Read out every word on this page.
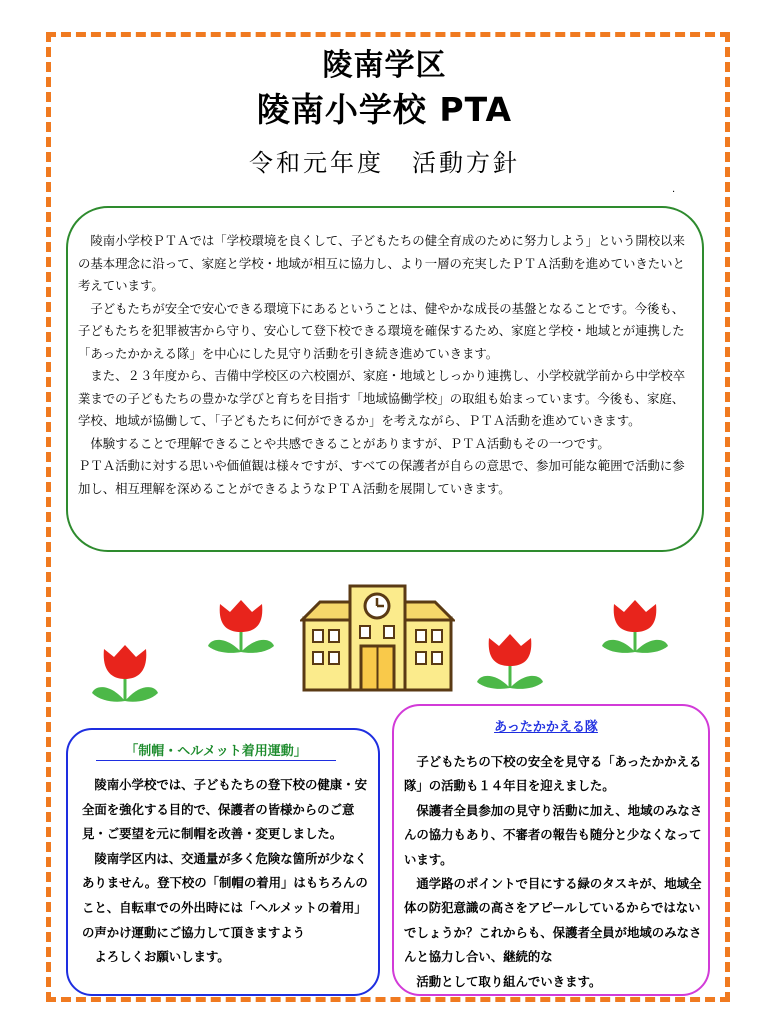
陵南学区
陵南小学校 PTA
令和元年度 活動方針
.

陵南小学校ＰＴＡでは「学校環境を良くして、子どもたちの健全育成のために努力しよう」という開校以来の基本理念に沿って、家庭と学校・地域が相互に協力し、より一層の充実したＰＴＡ活動を進めていきたいと考えています。

子どもたちが安全で安心できる環境下にあるということは、健やかな成長の基盤となることです。今後も、子どもたちを犯罪被害から守り、安心して登下校できる環境を確保するため、家庭と学校・地域とが連携した「あったかかえる隊」を中心にした見守り活動を引き続き進めていきます。

また、２３年度から、吉備中学校区の六校園が、家庭・地域としっかり連携し、小学校就学前から中学校卒業までの子どもたちの豊かな学びと育ちを目指す「地域協働学校」の取組も始まっています。今後も、家庭、学校、地域が協働して、「子どもたちに何ができるか」を考えながら、ＰＴＡ活動を進めていきます。

体験することで理解できることや共感できることがありますが、ＰＴＡ活動もその一つです。

ＰＴＡ活動に対する思いや価値観は様々ですが、すべての保護者が自らの意思で、参加可能な範囲で活動に参加し、相互理解を深めることができるようなＰＴＡ活動を展開していきます。

「制帽・ヘルメット着用運動」

陵南小学校では、子どもたちの登下校の健康・安全面を強化する目的で、保護者の皆様からのご意見・ご要望を元に制帽を改善・変更しました。

陵南学区内は、交通量が多く危険な箇所が少なくありません。登下校の「制帽の着用」はもちろんのこと、自転車での外出時には「ヘルメットの着用」の声かけ運動にご協力して頂きますよう

よろしくお願いします。

あったかかえる隊

子どもたちの下校の安全を見守る「あったかかえる隊」の活動も１４年目を迎えました。

保護者全員参加の見守り活動に加え、地域のみなさんの協力もあり、不審者の報告も随分と少なくなっています。

通学路のポイントで目にする緑のタスキが、地域全体の防犯意識の高さをアピールしているからではないでしょうか？これからも、保護者全員が地域のみなさんと協力し合い、継続的な

活動として取り組んでいきます。
